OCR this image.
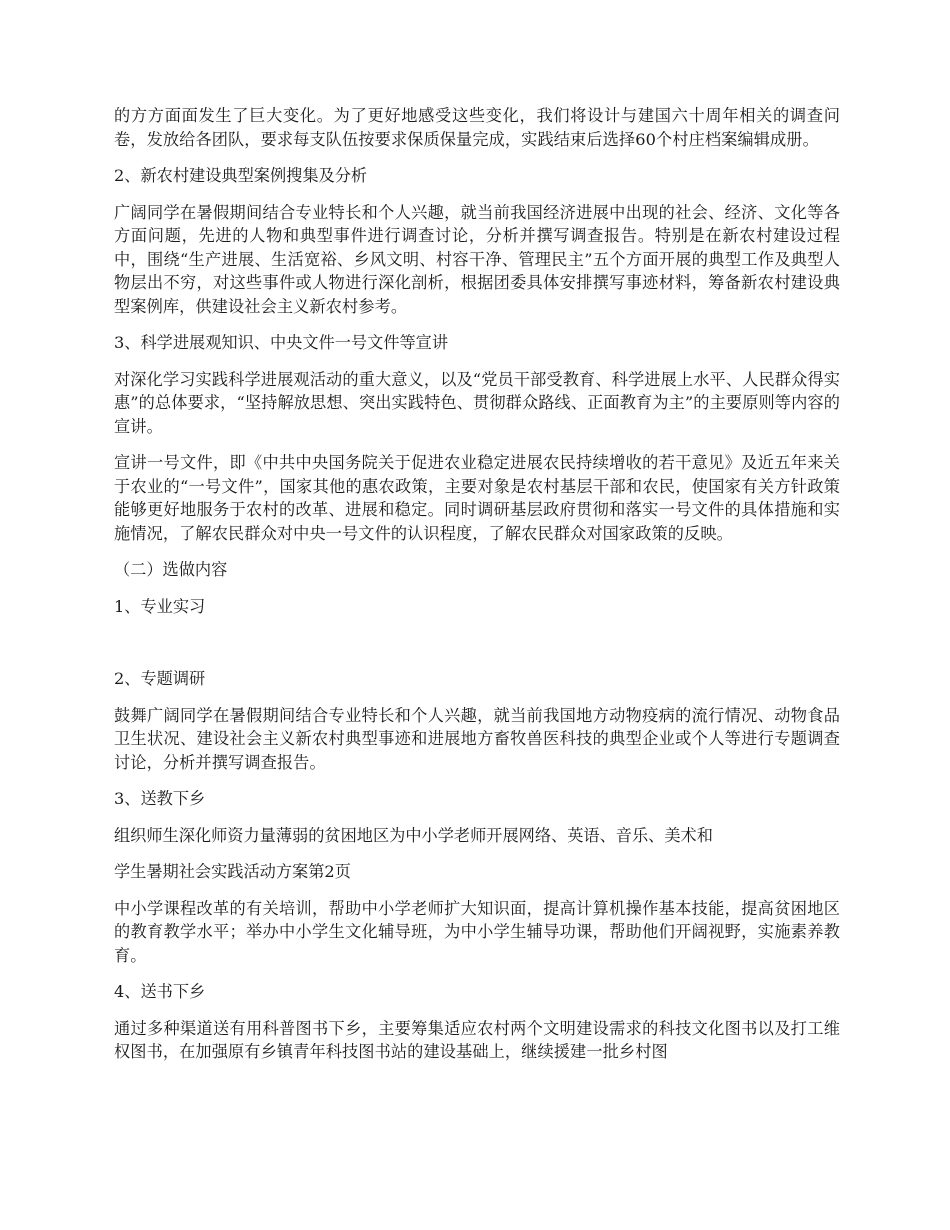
的方方面面发生了巨大变化。为了更好地感受这些变化，我们将设计与建国六十周年相关的调查问卷，发放给各团队，要求每支队伍按要求保质保量完成，实践结束后选择60个村庄档案编辑成册。

2、新农村建设典型案例搜集及分析

广阔同学在暑假期间结合专业特长和个人兴趣，就当前我国经济进展中出现的社会、经济、文化等各方面问题，先进的人物和典型事件进行调查讨论，分析并撰写调查报告。特别是在新农村建设过程中，围绕“生产进展、生活宽裕、乡风文明、村容干净、管理民主”五个方面开展的典型工作及典型人物层出不穷，对这些事件或人物进行深化剖析，根据团委具体安排撰写事迹材料，筹备新农村建设典型案例库，供建设社会主义新农村参考。

3、科学进展观知识、中央文件一号文件等宣讲

对深化学习实践科学进展观活动的重大意义，以及“党员干部受教育、科学进展上水平、人民群众得实惠”的总体要求，“坚持解放思想、突出实践特色、贯彻群众路线、正面教育为主”的主要原则等内容的宣讲。

宣讲一号文件，即《中共中央国务院关于促进农业稳定进展农民持续增收的若干意见》及近五年来关于农业的“一号文件”，国家其他的惠农政策，主要对象是农村基层干部和农民，使国家有关方针政策能够更好地服务于农村的改革、进展和稳定。同时调研基层政府贯彻和落实一号文件的具体措施和实施情况，了解农民群众对中央一号文件的认识程度，了解农民群众对国家政策的反映。

（二）选做内容

1、专业实习

2、专题调研

鼓舞广阔同学在暑假期间结合专业特长和个人兴趣，就当前我国地方动物疫病的流行情况、动物食品卫生状况、建设社会主义新农村典型事迹和进展地方畜牧兽医科技的典型企业或个人等进行专题调查讨论，分析并撰写调查报告。

3、送教下乡

组织师生深化师资力量薄弱的贫困地区为中小学老师开展网络、英语、音乐、美术和

学生暑期社会实践活动方案第2页

中小学课程改革的有关培训，帮助中小学老师扩大知识面，提高计算机操作基本技能，提高贫困地区的教育教学水平；举办中小学生文化辅导班，为中小学生辅导功课，帮助他们开阔视野，实施素养教育。

4、送书下乡

通过多种渠道送有用科普图书下乡，主要筹集适应农村两个文明建设需求的科技文化图书以及打工维权图书，在加强原有乡镇青年科技图书站的建设基础上，继续援建一批乡村图
